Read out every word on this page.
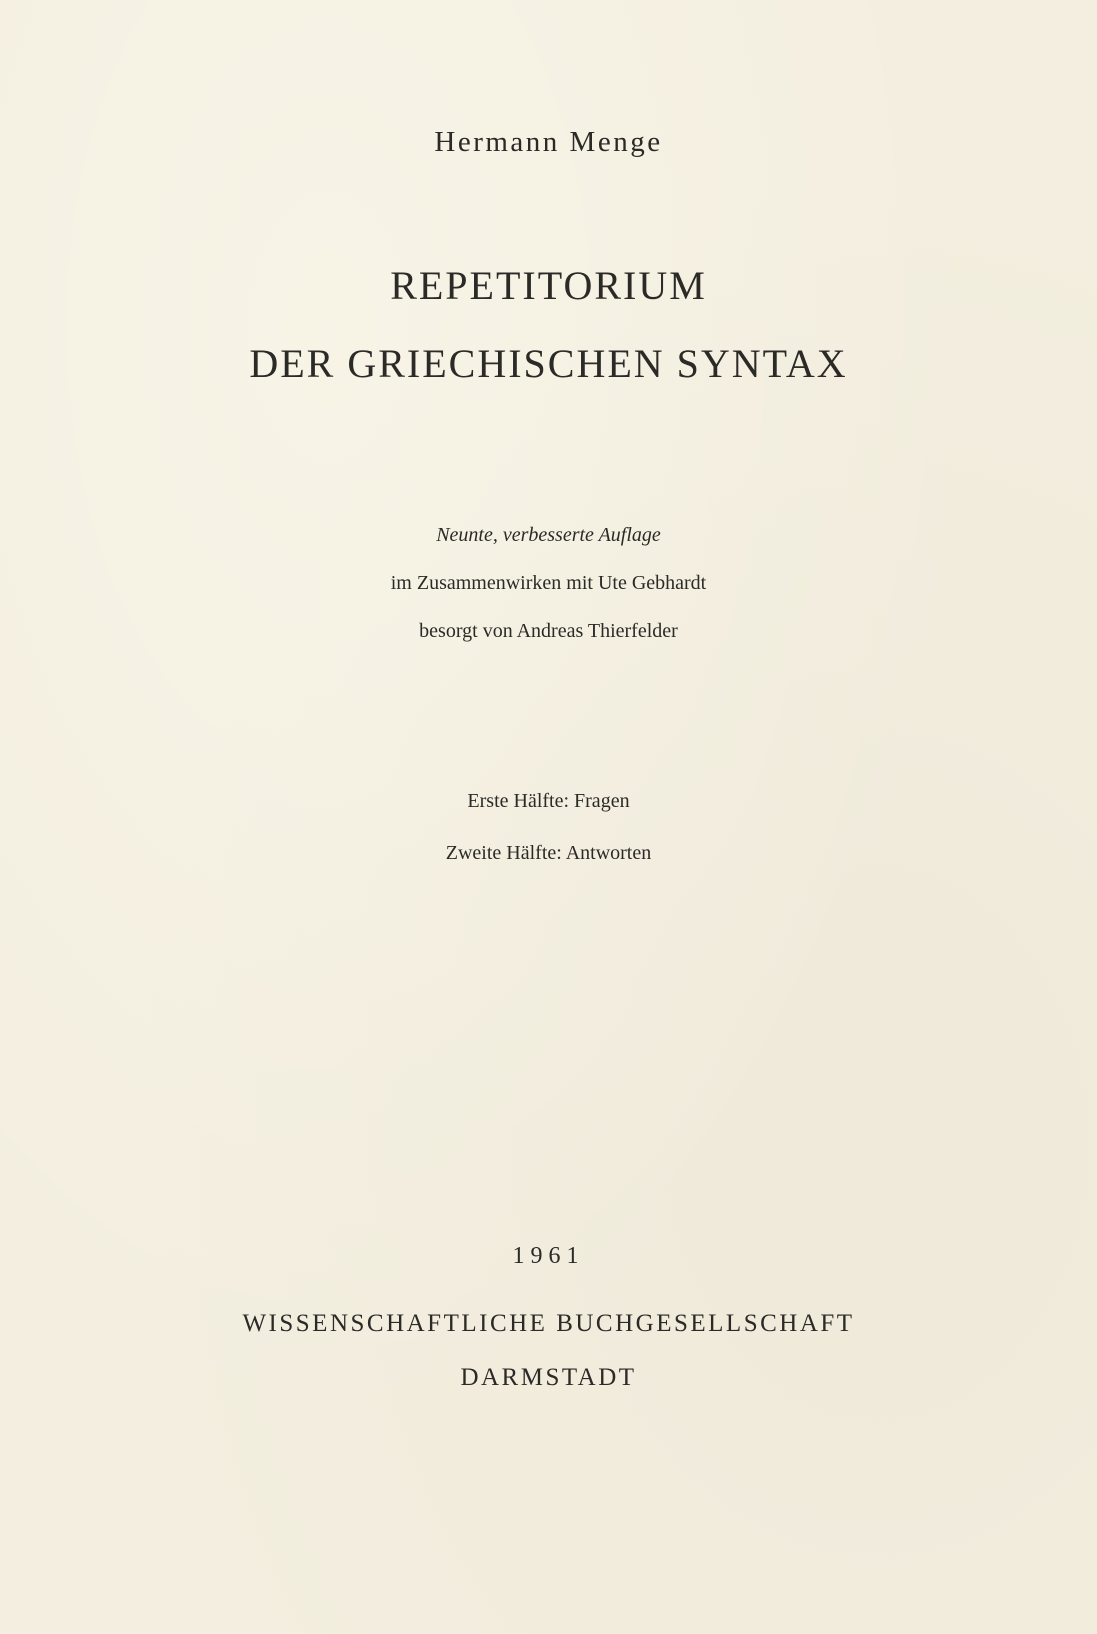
Hermann Menge
REPETITORIUM
DER GRIECHISCHEN SYNTAX
Neunte, verbesserte Auflage
im Zusammenwirken mit Ute Gebhardt
besorgt von Andreas Thierfelder
Erste Hälfte: Fragen
Zweite Hälfte: Antworten
1961
WISSENSCHAFTLICHE BUCHGESELLSCHAFT
DARMSTADT
